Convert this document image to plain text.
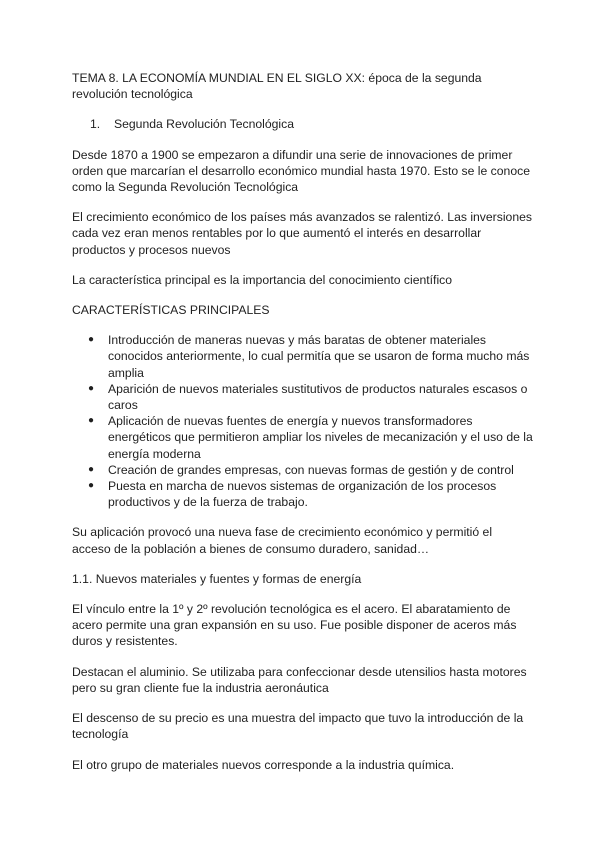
TEMA 8. LA ECONOMÍA MUNDIAL EN EL SIGLO XX: época de la segunda revolución tecnológica
1.	Segunda Revolución Tecnológica

Desde 1870 a 1900 se empezaron a difundir una serie de innovaciones de primer orden que marcarían el desarrollo económico mundial hasta 1970. Esto se le conoce como la Segunda Revolución Tecnológica

El crecimiento económico de los países más avanzados se ralentizó. Las inversiones cada vez eran menos rentables por lo que aumentó el interés en desarrollar productos y procesos nuevos

La característica principal es la importancia del conocimiento científico

CARACTERÍSTICAS PRINCIPALES
●	Introducción de maneras nuevas y más baratas de obtener materiales conocidos anteriormente, lo cual permitía que se usaron de forma mucho más amplia
●	Aparición de nuevos materiales sustitutivos de productos naturales escasos o caros
●	Aplicación de nuevas fuentes de energía y nuevos transformadores energéticos que permitieron ampliar los niveles de mecanización y el uso de la energía moderna
●	Creación de grandes empresas, con nuevas formas de gestión y de control
●	Puesta en marcha de nuevos sistemas de organización de los procesos productivos y de la fuerza de trabajo.

Su aplicación provocó una nueva fase de crecimiento económico y permitió el acceso de la población a bienes de consumo duradero, sanidad…

1.1. Nuevos materiales y fuentes y formas de energía

El vínculo entre la 1º y 2º revolución tecnológica es el acero. El abaratamiento de acero permite una gran expansión en su uso. Fue posible disponer de aceros más duros y resistentes.

Destacan el aluminio. Se utilizaba para confeccionar desde utensilios hasta motores pero su gran cliente fue la industria aeronáutica

El descenso de su precio es una muestra del impacto que tuvo la introducción de la tecnología

El otro grupo de materiales nuevos corresponde a la industria química.
